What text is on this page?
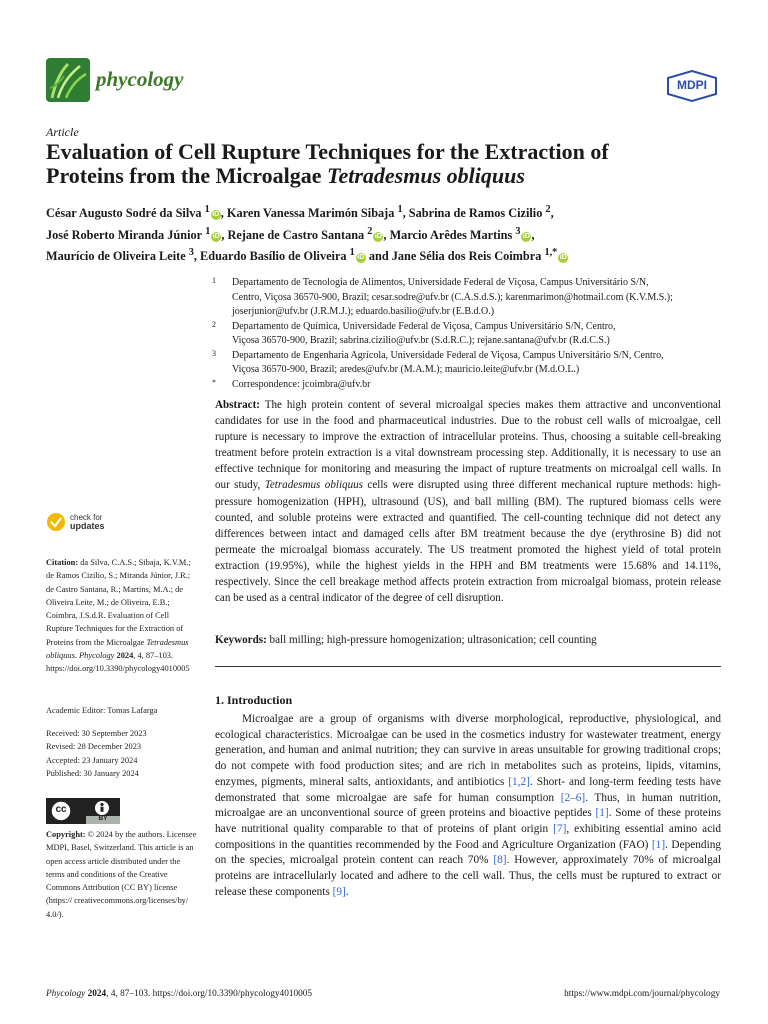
phycology	MDPI
Article
Evaluation of Cell Rupture Techniques for the Extraction of
Proteins from the Microalgae Tetradesmus obliquus
César Augusto Sodré da Silva $^1$ iD , Karen Vanessa Marimón Sibaja $^1$, Sabrina de Ramos Cizilio $^2$,
José Roberto Miranda Júnior $^1$ iD , Rejane de Castro Santana $^2$ iD , Marcio Arêdes Martins $^3$ iD ,
Maurício de Oliveira Leite $^3$, Eduardo Basílio de Oliveira $^1$ iD and Jane Sélia dos Reis Coimbra $^{1,*}$ iD
1 Departamento de Tecnologia de Alimentos, Universidade Federal de Viçosa, Campus Universitário S/N,
Centro, Viçosa 36570-900, Brazil; cesar.sodre@ufv.br (C.A.S.d.S.); karenmarimon@hotmail.com (K.V.M.S.);
joserjunior@ufv.br (J.R.M.J.); eduardo.basilio@ufv.br (E.B.d.O.)
2 Departamento de Química, Universidade Federal de Viçosa, Campus Universitário S/N, Centro,
Viçosa 36570-900, Brazil; sabrina.cizilio@ufv.br (S.d.R.C.); rejane.santana@ufv.br (R.d.C.S.)
3 Departamento de Engenharia Agrícola, Universidade Federal de Viçosa, Campus Universitário S/N, Centro,
Viçosa 36570-900, Brazil; aredes@ufv.br (M.A.M.); mauricio.leite@ufv.br (M.d.O.L.)
* Correspondence: jcoimbra@ufv.br
Abstract: The high protein content of several microalgal species makes them attractive and unconventional candidates for use in the food and pharmaceutical industries. Due to the robust cell walls of microalgae, cell rupture is necessary to improve the extraction of intracellular proteins. Thus, choosing a suitable cell-breaking treatment before protein extraction is a vital downstream processing step. Additionally, it is necessary to use an effective technique for monitoring and measuring the impact of rupture treatments on microalgal cell walls. In our study, Tetradesmus obliquus cells were disrupted using three different mechanical rupture methods: high-pressure homogenization (HPH), ultrasound (US), and ball milling (BM). The ruptured biomass cells were counted, and soluble proteins were extracted and quantified. The cell-counting technique did not detect any differences between intact and damaged cells after BM treatment because the dye (erythrosine B) did not permeate the microalgal biomass accurately. The US treatment promoted the highest yield of total protein extraction (19.95%), while the highest yields in the HPH and BM treatments were 15.68% and 14.11%, respectively. Since the cell breakage method affects protein extraction from microalgal biomass, protein release can be used as a central indicator of the degree of cell disruption.
Keywords: ball milling; high-pressure homogenization; ultrasonication; cell counting
check for
updates
Citation: da Silva, C.A.S.; Sibaja, K.V.M.; de Ramos Cizilio, S.; Miranda Júnior, J.R.; de Castro Santana, R.; Martins, M.A.; de Oliveira Leite, M.; de Oliveira, E.B.; Coimbra, J.S.d.R. Evaluation of Cell Rupture Techniques for the Extraction of Proteins from the Microalgae Tetradesmus obliquus. Phycology 2024, 4, 87–103. https://doi.org/10.3390/phycology4010005
Academic Editor: Tomas Lafarga
Received: 30 September 2023
Revised: 28 December 2023
Accepted: 23 January 2024
Published: 30 January 2024
cc
BY
Copyright: © 2024 by the authors. Licensee MDPI, Basel, Switzerland. This article is an open access article distributed under the terms and conditions of the Creative Commons Attribution (CC BY) license (https:// creativecommons.org/licenses/by/ 4.0/).
1. Introduction
Microalgae are a group of organisms with diverse morphological, reproductive, physiological, and ecological characteristics. Microalgae can be used in the cosmetics industry for wastewater treatment, energy generation, and human and animal nutrition; they can survive in areas unsuitable for growing traditional crops; do not compete with food production sites; and are rich in metabolites such as proteins, lipids, vitamins, enzymes, pigments, mineral salts, antioxidants, and antibiotics [1,2]. Short- and long-term feeding tests have demonstrated that some microalgae are safe for human consumption [2–6]. Thus, in human nutrition, microalgae are an unconventional source of green proteins and bioactive peptides [1]. Some of these proteins have nutritional quality comparable to that of proteins of plant origin [7], exhibiting essential amino acid compositions in the quantities recommended by the Food and Agriculture Organization (FAO) [1]. Depending on the species, microalgal protein content can reach 70% [8]. However, approximately 70% of microalgal proteins are intracellularly located and adhere to the cell wall. Thus, the cells must be ruptured to extract or release these components [9].
Phycology 2024, 4, 87–103. https://doi.org/10.3390/phycology4010005	https://www.mdpi.com/journal/phycology
